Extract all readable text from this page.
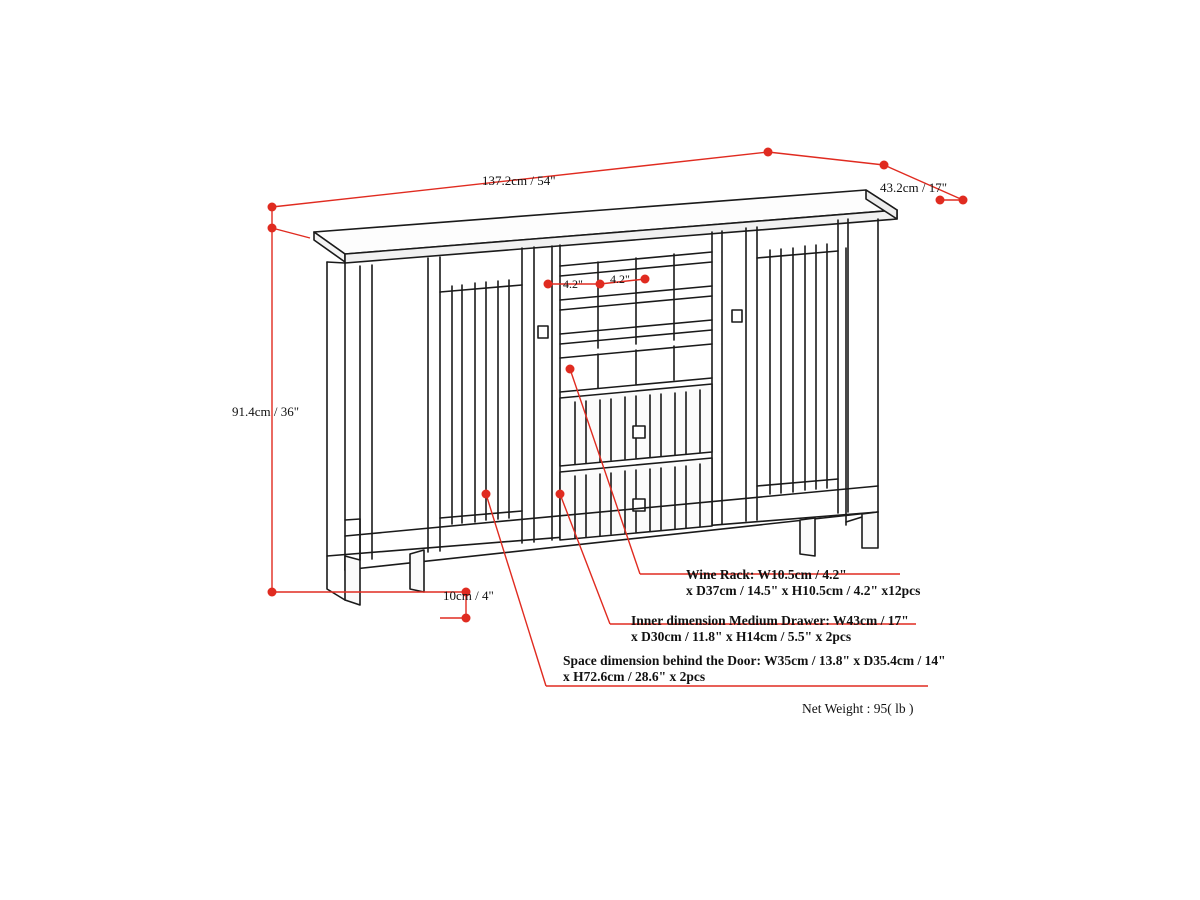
137.2cm / 54"	43.2cm / 17"
91.4cm / 36"
10cm / 4"
4.2" 4.2"
Wine Rack: W10.5cm / 4.2"
x D37cm / 14.5" x H10.5cm / 4.2" x12pcs
Inner dimension Medium Drawer: W43cm / 17"
x D30cm / 11.8" x H14cm / 5.5" x 2pcs
Space dimension behind the Door: W35cm / 13.8" x D35.4cm / 14"
x H72.6cm / 28.6" x 2pcs
Net Weight : 95( lb )
